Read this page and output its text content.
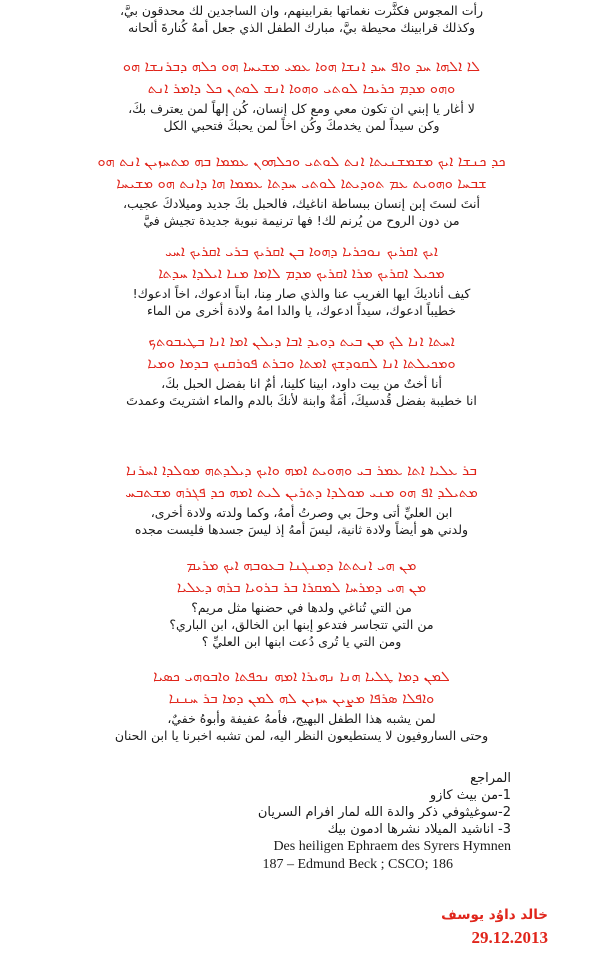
رأت المجوس فكثَّرت نغماتها بقرابينهم، وان الساجدين لك محدقون بيَّ،

وكذلك قرابينك محيطة بيَّ، مبارك الطفل الذي جعل أمهُ كُنارةَ ألحانه

ܠܐ ܐܠܗܐ ܚܕ ܘܐܦ ܚܕ ܐܢܫܐ ܗܘܐ ܥܡܝ ܡܫܝܚܐ ܗܘ ܟܠܗ ܕܒܪܢܫܐ ܗܘ

ܘܗܘ ܡܕܡ ܟܪܝܟܐ ܠܘܬܝ ܘܗܘܐ ܐܢܫ ܠܘܬܢ ܟܠ ܕܐܡܪ ܐܢܬ

لا أغار يا إبني ان تكون معي ومع كل إنسان، كُن إلهاً لمن يعترف بكَ،

وكن سيداً لمن يخدمكَ وكُن اخاً لمن يحبكَ فتحبي الكل

ܟܕ ܟܢܫܐ ܐܝܟ ܡܫܡܫܢܝܬܐ ܐܢܬ ܠܘܬܝ ܘܟܠܗܘܢ ܥܡܡܐ ܒܗ ܡܬܚܙܝܢ ܐܢܬ ܗܘ

ܫܒܚܐ ܘܗܘܝܬ ܥܡ ܬܘܕܝܬܐ ܠܘܬܝ ܚܕܬܐ ܥܡܡܐ ܗܐ ܕܐܢܬ ܗܘ ܡܫܝܚܐ

أنتَ لستَ إبن إنسان ببساطة اناغيك، فالحبل بكَ جديد وميلادكَ عجيب،

من دون الروح من يُرنم لك! فها ترنيمة نبوية جديدة تجيش فيَّ

ܐܝܟ ܐܩܪܝܟ ܢܘܟܪܝܐ ܕܗܘܐ ܒܢ ܐܩܪܝܟ ܒܪܝ ܐܩܪܝܟ ܐܚܝ

ܡܟܝܠ ܐܩܪܝܟ ܡܪܐ ܐܩܪܝܟ ܡܕܡ ܠܐܡܐ ܡܢܐ ܐܝܠܕܐ ܚܕܬܐ

كيف أناديكَ ايها الغريب عنا والذي صار مِنا، ابناً ادعوك، اخاً ادعوك!

خطيباً ادعوك، سيداً ادعوك، يا والدا امهُ ولادة أخرى من الماء

ܐܚܬܐ ܐܢܐ ܠܟ ܡܢ ܒܝܬ ܕܘܝܕ ܐܒܐ ܕܝܠܢ ܐܡܐ ܐܢܐ ܒܛܝܒܘܬܟ

ܘܡܟܝܠܬܐ ܐܢܐ ܠܩܘܕܫܟ ܐܡܬܐ ܘܒܪܬ ܦܘܪܩܢܟ ܒܕܡܐ ܘܡܝܐ

أنا أختٌ من بيت داود، ابينا كلينا، أمٌ انا بفضل الحبل بكَ،

انا خطيبة بفضل قُدسيكَ، أمَةٌ وابنة لأنكَ بالدم والماء اشتريتَ وعمدتَ

ܒܪ ܥܠܝܐ ܐܬܐ ܥܡܪ ܒܝ ܘܗܘܝܬ ܐܡܗ ܘܐܝܟ ܕܝܠܕܬܗ ܡܘܠܕܐ ܐܚܪܢܐ

ܡܬܝܠܕ ܐܦ ܗܘ ܡܢܝ ܡܘܠܕܐ ܕܬܪܝܢ ܠܝܬ ܐܡܗ ܟܕ ܦܓܪܗ ܡܫܬܒܚ

ابن العليِّ أتى وحلَ بي وصرتُ أمهُ، وكما ولدته ولادة أخرى،

ولدني هو أيضاً ولادة ثانية، ليسَ أمهُ إذ ليسَ جسدها فليست مجده

ܡܢ ܗܝ ܐܢܬܬܐ ܕܡܢܓܢܐ ܒܥܘܒܗ ܐܝܟ ܡܪܝܡ

ܡܢ ܗܝ ܕܡܪܚܐ ܠܡܩܪܐ ܒܪ ܒܪܘܝܐ ܒܪܗ ܕܥܠܝܐ

من التي تُناغي ولدها في حضنها مثل مريم؟

من التي تتجاسر فتدعو إبنها ابن الخالق، ابن الباري؟

ومن التي يا تُرى دُعت ابنها ابن العليِّ ؟

ܠܡܢ ܕܡܐ ܛܠܝܐ ܗܢܐ ܢܗܝܪܐ ܐܡܗ ܢܟܦܬܐ ܘܐܒܘܗܝ ܟܣܝܐ

ܘܐܦܠܐ ܣܪܦܐ ܡܨܝܢ ܚܙܝܢ ܠܗ ܠܡܢ ܕܡܐ ܒܪ ܚܢܢܐ

لمن يشبه هذا الطفل البهيج، فأمهُ عفيفة وأبوهُ خفيٌ،

وحتى الساروفيون لا يستطيعون النظر اليه، لمن تشبه اخبرنا يا ابن الحنان

المراجع

1-من بيث كازو

2-سوغيثوفي ذكر والدة الله لمار افرام السريان

3- اناشيد الميلاد نشرها ادمون بيك

Des heiligen Ephraem des Syrers Hymnen

187 – Edmund Beck ; CSCO; 186

خالد داوُد يوسف

29.12.2013
